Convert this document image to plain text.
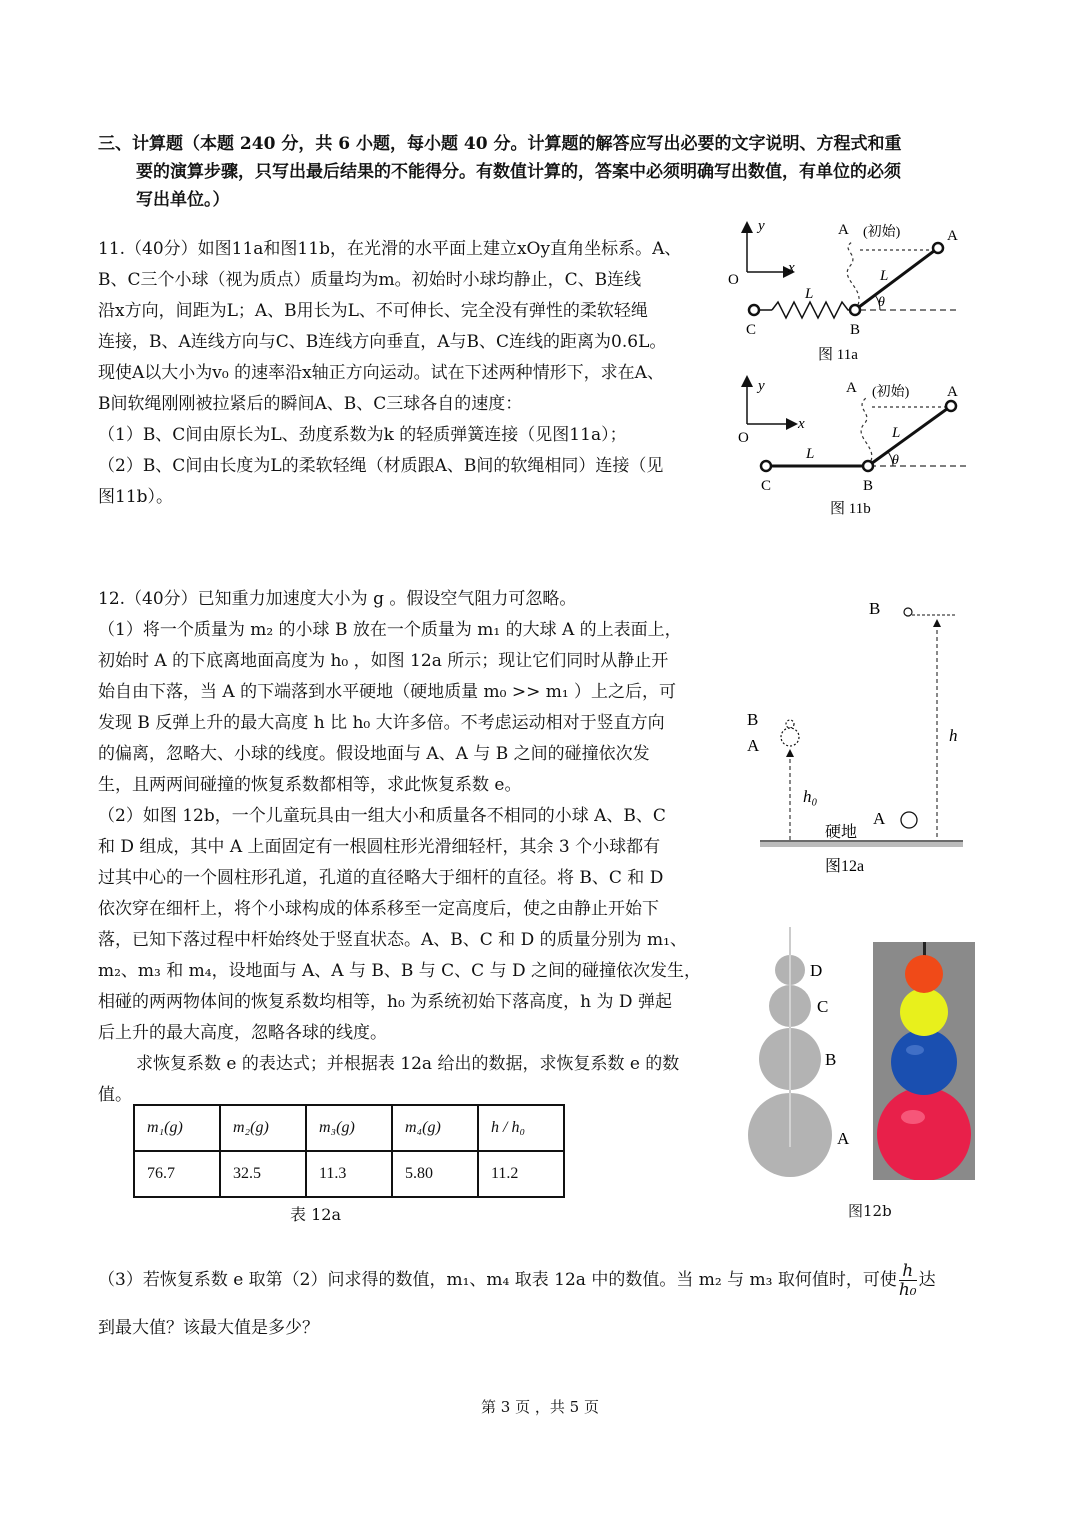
三、计算题（本题 240 分，共 6 小题，每小题 40 分。计算题的解答应写出必要的文字说明、方程式和重
要的演算步骤，只写出最后结果的不能得分。有数值计算的，答案中必须明确写出数值，有单位的必须
写出单位。）
11.（40分）如图11a和图11b，在光滑的水平面上建立xOy直角坐标系。A、
B、C三个小球（视为质点）质量均为m。初始时小球均静止，C、B连线
沿x方向，间距为L；A、B用长为L、不可伸长、完全没有弹性的柔软轻绳
连接，B、A连线方向与C、B连线方向垂直，A与B、C连线的距离为0.6L。
现使A以大小为v₀ 的速率沿x轴正方向运动。试在下述两种情形下，求在A、
B间软绳刚刚被拉紧后的瞬间A、B、C三球各自的速度：
（1）B、C间由原长为L、劲度系数为k 的轻质弹簧连接（见图11a）；
（2）B、C间由长度为L的柔软轻绳（材质跟A、B间的软绳相同）连接（见
图11b）。
y
x
O
A (初始)	A
L
L
θ
C	B
图 11a
y
x
O
A (初始)	A
L
L	θ
C	B
图 11b
12.（40分）已知重力加速度大小为 g 。假设空气阻力可忽略。
（1）将一个质量为 m₂ 的小球 B 放在一个质量为 m₁ 的大球 A 的上表面上，
初始时 A 的下底离地面高度为 h₀ ，如图 12a 所示；现让它们同时从静止开
始自由下落，当 A 的下端落到水平硬地（硬地质量 m₀ >> m₁ ）上之后，可
发现 B 反弹上升的最大高度 h 比 h₀ 大许多倍。不考虑运动相对于竖直方向
的偏离，忽略大、小球的线度。假设地面与 A、A 与 B 之间的碰撞依次发
生，且两两间碰撞的恢复系数都相等，求此恢复系数 e。
（2）如图 12b，一个儿童玩具由一组大小和质量各不相同的小球 A、B、C
和 D 组成，其中 A 上面固定有一根圆柱形光滑细轻杆，其余 3 个小球都有
过其中心的一个圆柱形孔道，孔道的直径略大于细杆的直径。将 B、C 和 D
依次穿在细杆上，将个小球构成的体系移至一定高度后，使之由静止开始下
落，已知下落过程中杆始终处于竖直状态。A、B、C 和 D 的质量分别为 m₁、
m₂、m₃ 和 m₄，设地面与 A、A 与 B、B 与 C、C 与 D 之间的碰撞依次发生，
相碰的两两物体间的恢复系数均相等，h₀ 为系统初始下落高度，h 为 D 弹起
后上升的最大高度，忽略各球的线度。
求恢复系数 e 的表达式；并根据表 12a 给出的数据，求恢复系数 e 的数
值。
B
h
B
A
h₀
硬地
A
图12a
D
C
B
A
图12b
m₁(g)	m₂(g)	m₃(g)	m₄(g)	h / h₀
76.7	32.5	11.3	5.80	11.2
表 12a
（3）若恢复系数 e 取第（2）问求得的数值，m₁、m₄ 取表 12a 中的数值。当 m₂ 与 m₃ 取何值时，可使 $\frac{h}{\text{h₀}}$ 达
到最大值？该最大值是多少？
第 3 页 ，共 5 页
